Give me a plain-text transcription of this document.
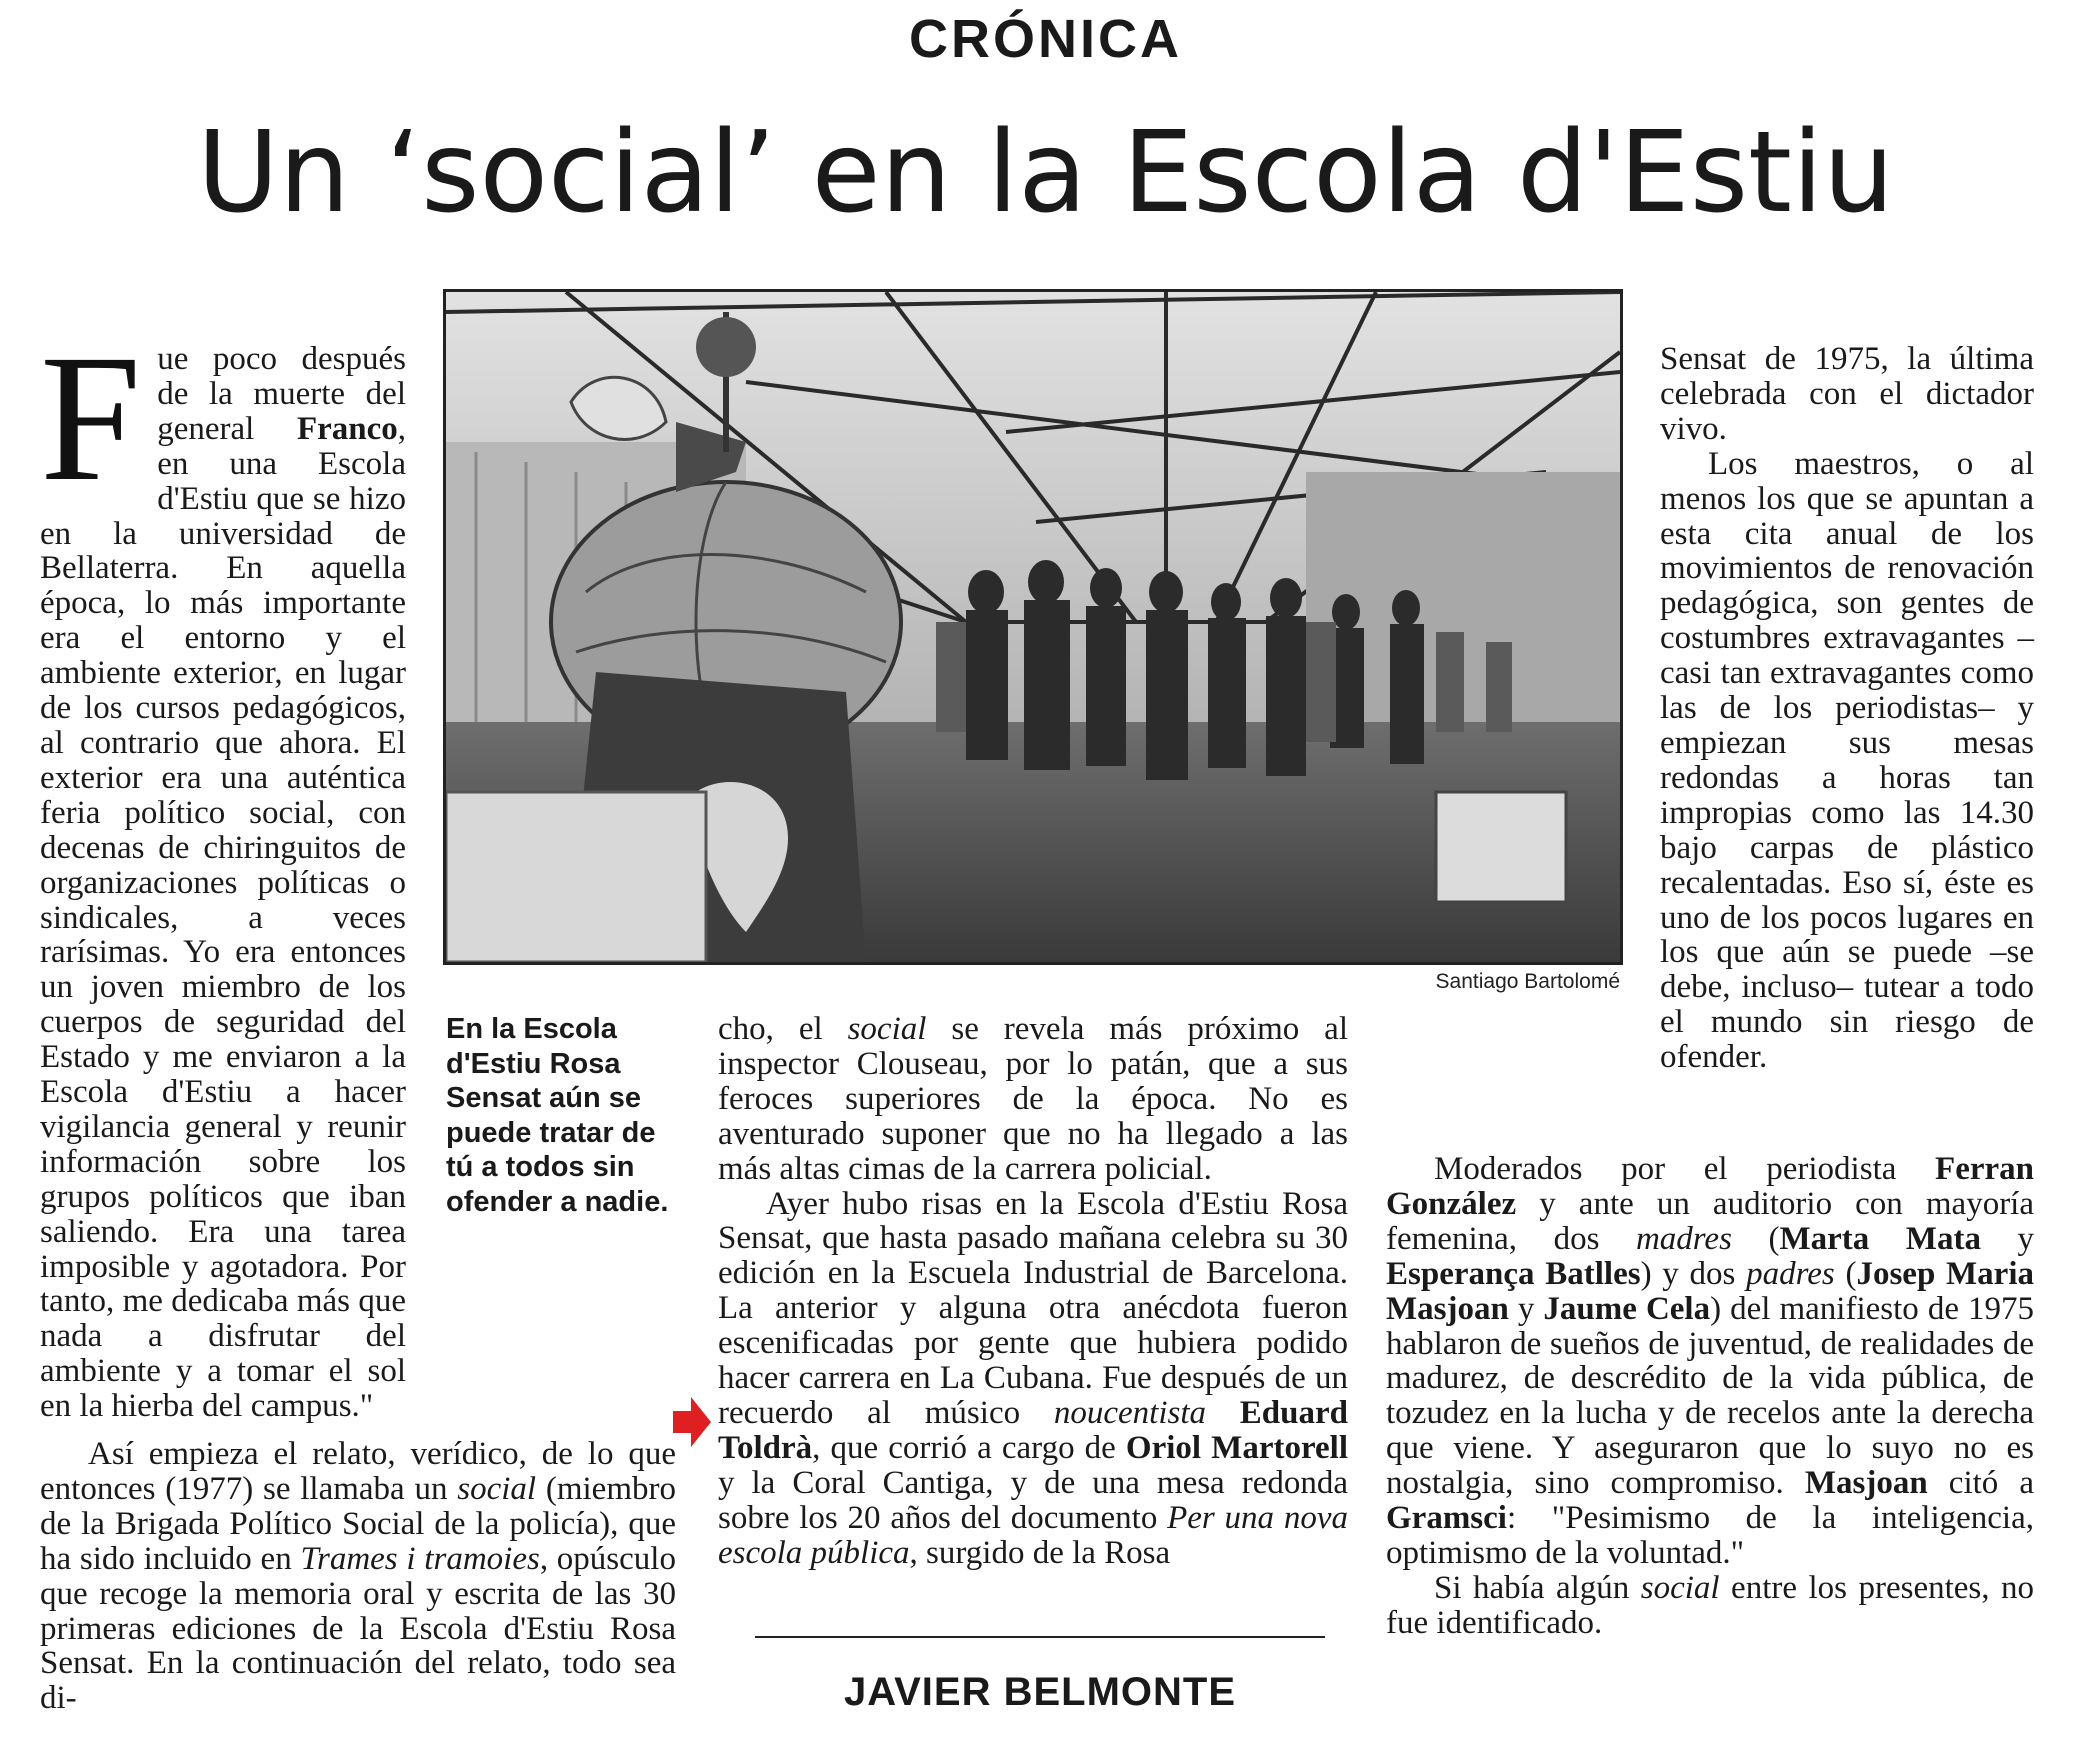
CRÓNICA
Un ‘social’ en la Escola d'Estiu
Santiago Bartolomé
En la Escola d'Estiu Rosa Sensat aún se puede tratar de tú a todos sin ofender a nadie.

Fue poco después de la muerte del general Franco, en una Escola d'Estiu que se hizo en la universidad de Bellaterra. En aquella época, lo más importante era el entorno y el ambiente exterior, en lugar de los cursos pedagógicos, al contrario que ahora. El exterior era una auténtica feria político social, con decenas de chiringuitos de organizaciones políticas o sindicales, a veces rarísimas. Yo era entonces un joven miembro de los cuerpos de seguridad del Estado y me enviaron a la Escola d'Estiu a hacer vigilancia general y reunir información sobre los grupos políticos que iban saliendo. Era una tarea imposible y agotadora. Por tanto, me dedicaba más que nada a disfrutar del ambiente y a tomar el sol en la hierba del campus."

Así empieza el relato, verídico, de lo que entonces (1977) se llamaba un social (miembro de la Brigada Político Social de la policía), que ha sido incluido en Trames i tramoies, opúsculo que recoge la memoria oral y escrita de las 30 primeras ediciones de la Escola d'Estiu Rosa Sensat. En la continuación del relato, todo sea di-

cho, el social se revela más próximo al inspector Clouseau, por lo patán, que a sus feroces superiores de la época. No es aventurado suponer que no ha llegado a las más altas cimas de la carrera policial.

Ayer hubo risas en la Escola d'Estiu Rosa Sensat, que hasta pasado mañana celebra su 30 edición en la Escuela Industrial de Barcelona. La anterior y alguna otra anécdota fueron escenificadas por gente que hubiera podido hacer carrera en La Cubana. Fue después de un recuerdo al músico noucentista Eduard Toldrà, que corrió a cargo de Oriol Martorell y la Coral Cantiga, y de una mesa redonda sobre los 20 años del documento Per una nova escola pública, surgido de la Rosa

Sensat de 1975, la última celebrada con el dictador vivo.

Los maestros, o al menos los que se apuntan a esta cita anual de los movimientos de renovación pedagógica, son gentes de costumbres extravagantes –casi tan extravagantes como las de los periodistas– y empiezan sus mesas redondas a horas tan impropias como las 14.30 bajo carpas de plástico recalentadas. Eso sí, éste es uno de los pocos lugares en los que aún se puede –se debe, incluso– tutear a todo el mundo sin riesgo de ofender.

Moderados por el periodista Ferran González y ante un auditorio con mayoría femenina, dos madres (Marta Mata y Esperança Batlles) y dos padres (Josep Maria Masjoan y Jaume Cela) del manifiesto de 1975 hablaron de sueños de juventud, de realidades de madurez, de descrédito de la vida pública, de tozudez en la lucha y de recelos ante la derecha que viene. Y aseguraron que lo suyo no es nostalgia, sino compromiso. Masjoan citó a Gramsci: "Pesimismo de la inteligencia, optimismo de la voluntad."

Si había algún social entre los presentes, no fue identificado.

JAVIER BELMONTE
